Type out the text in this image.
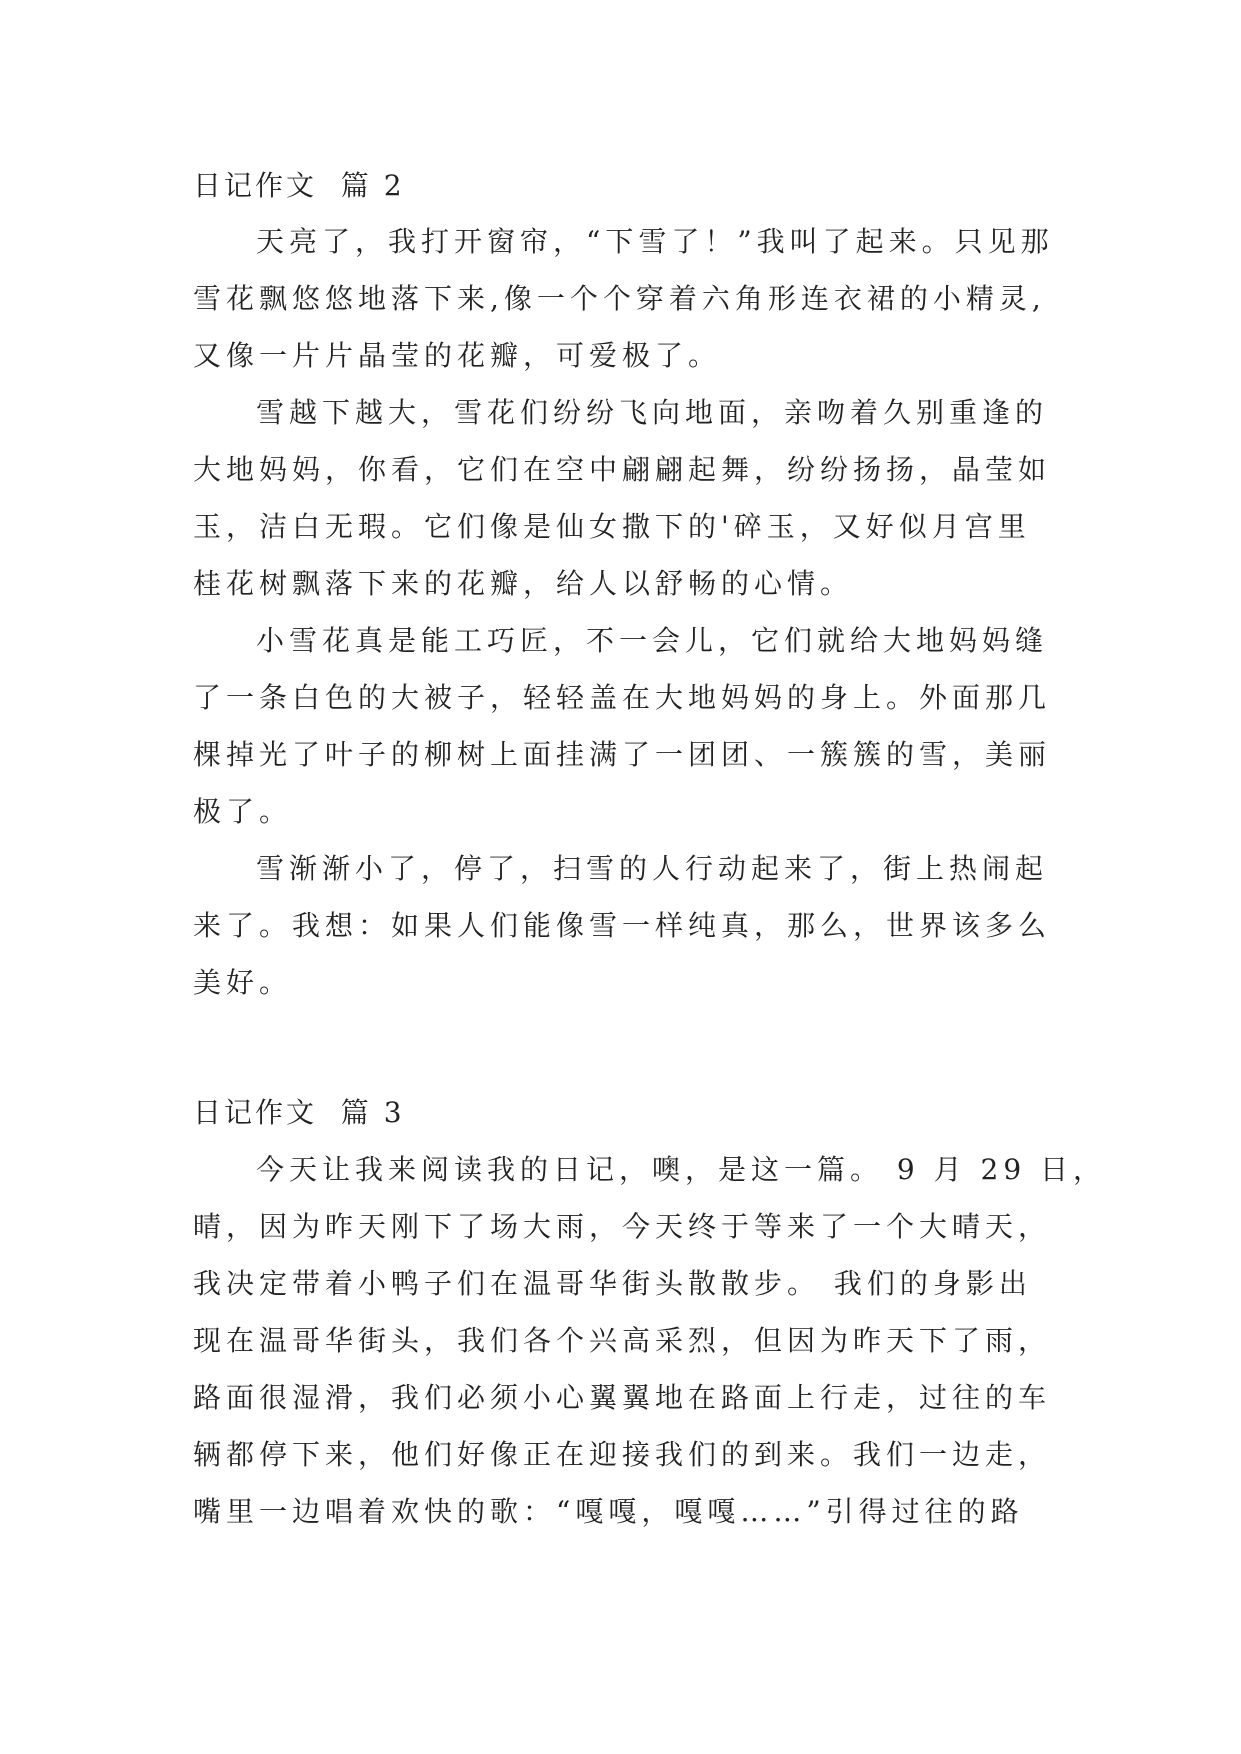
日记作文  篇 2
天亮了，我打开窗帘，“下雪了！”我叫了起来。只见那
雪花飘悠悠地落下来,像一个个穿着六角形连衣裙的小精灵,
又像一片片晶莹的花瓣，可爱极了。
雪越下越大，雪花们纷纷飞向地面，亲吻着久别重逢的
大地妈妈，你看，它们在空中翩翩起舞，纷纷扬扬，晶莹如
玉，洁白无瑕。它们像是仙女撒下的'碎玉，又好似月宫里
桂花树飘落下来的花瓣，给人以舒畅的心情。
小雪花真是能工巧匠，不一会儿，它们就给大地妈妈缝
了一条白色的大被子，轻轻盖在大地妈妈的身上。外面那几
棵掉光了叶子的柳树上面挂满了一团团、一簇簇的雪，美丽
极了。
雪渐渐小了，停了，扫雪的人行动起来了，街上热闹起
来了。我想：如果人们能像雪一样纯真，那么，世界该多么
美好。
日记作文  篇 3
今天让我来阅读我的日记，噢，是这一篇。 9 月 29 日，
晴，因为昨天刚下了场大雨，今天终于等来了一个大晴天，
我决定带着小鸭子们在温哥华街头散散步。 我们的身影出
现在温哥华街头，我们各个兴高采烈，但因为昨天下了雨，
路面很湿滑，我们必须小心翼翼地在路面上行走，过往的车
辆都停下来，他们好像正在迎接我们的到来。我们一边走，
嘴里一边唱着欢快的歌：“嘎嘎，嘎嘎……”引得过往的路
